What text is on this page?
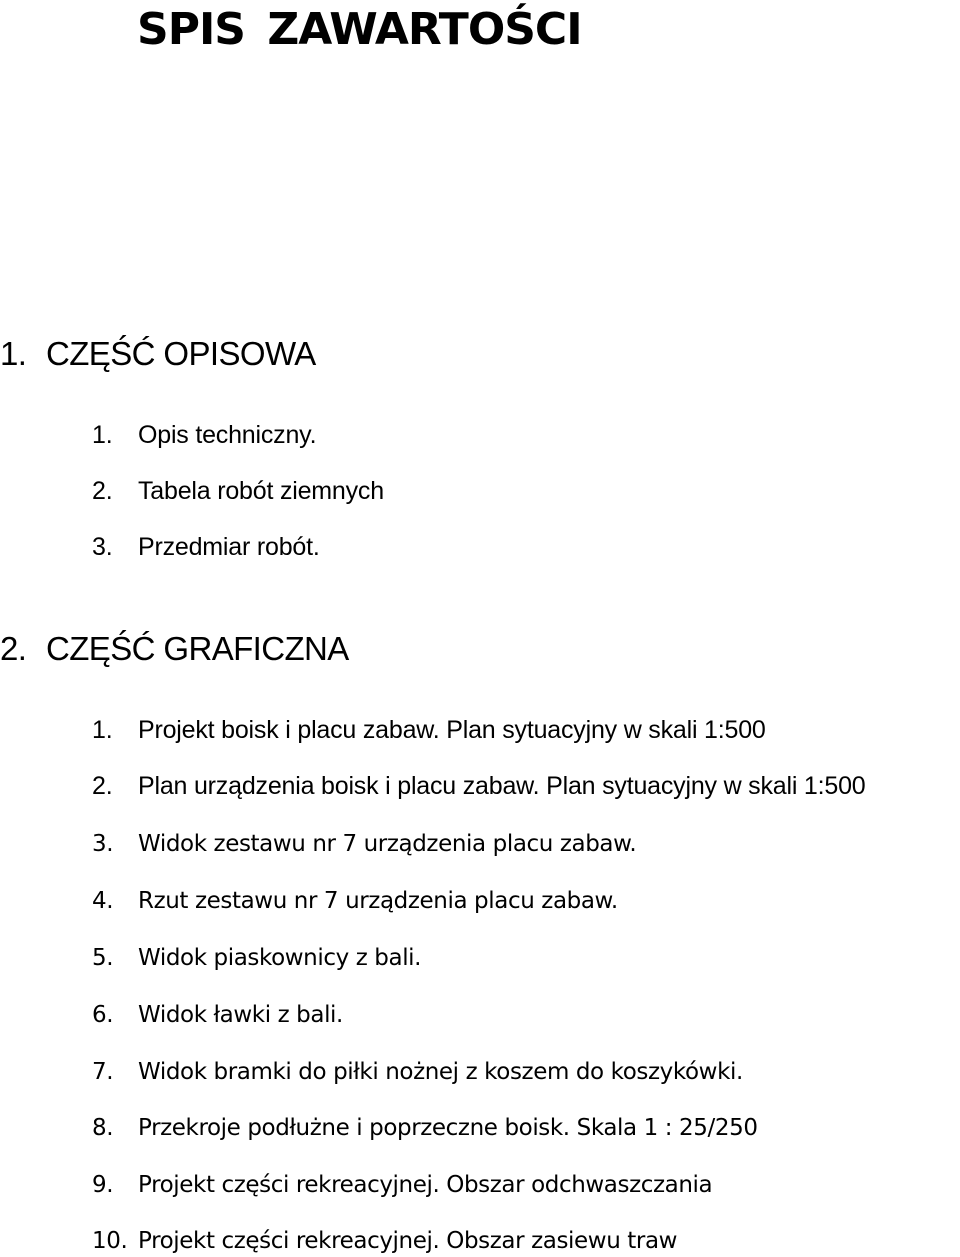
SPIS ZAWARTOŚCI
1. CZĘŚĆ OPISOWA

1. Opis techniczny.

2. Tabela robót ziemnych

3. Przedmiar robót.

2. CZĘŚĆ GRAFICZNA

1. Projekt boisk i placu zabaw. Plan sytuacyjny w skali 1:500

2. Plan urządzenia boisk i placu zabaw. Plan sytuacyjny w skali 1:500

3. Widok zestawu nr 7 urządzenia placu zabaw.

4. Rzut zestawu nr 7 urządzenia placu zabaw.

5. Widok piaskownicy z bali.

6. Widok ławki z bali.

7. Widok bramki do piłki nożnej z koszem do koszykówki.

8. Przekroje podłużne i poprzeczne boisk. Skala 1 : 25/250

9. Projekt części rekreacyjnej. Obszar odchwaszczania

10. Projekt części rekreacyjnej. Obszar zasiewu traw
